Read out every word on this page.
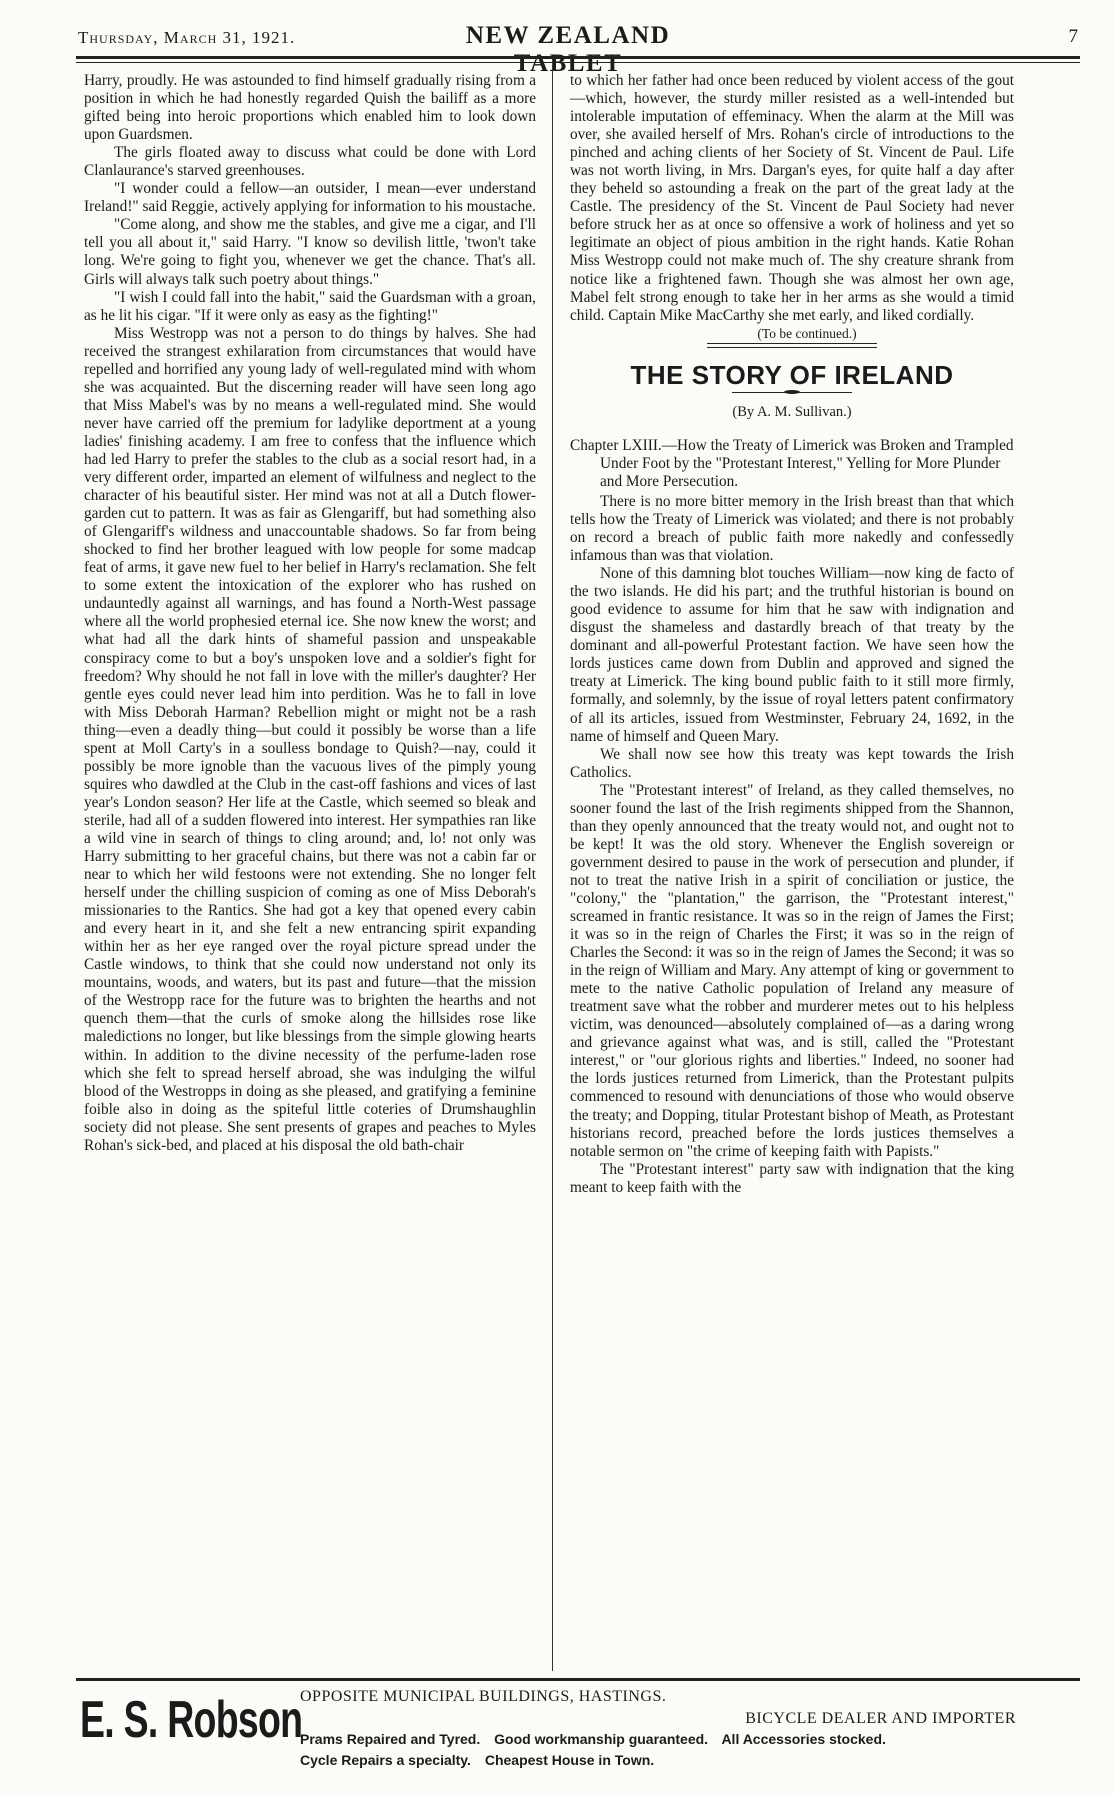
Thursday, March 31, 1921.	NEW ZEALAND TABLET
7

Harry, proudly. He was astounded to find himself gradually rising from a position in which he had honestly regarded Quish the bailiff as a more gifted being into heroic proportions which enabled him to look down upon Guardsmen.

The girls floated away to discuss what could be done with Lord Clanlaurance's starved greenhouses.

"I wonder could a fellow—an outsider, I mean—ever understand Ireland!" said Reggie, actively applying for information to his moustache.

"Come along, and show me the stables, and give me a cigar, and I'll tell you all about it," said Harry. "I know so devilish little, 'twon't take long. We're going to fight you, whenever we get the chance. That's all. Girls will always talk such poetry about things."

"I wish I could fall into the habit," said the Guardsman with a groan, as he lit his cigar. "If it were only as easy as the fighting!"

Miss Westropp was not a person to do things by halves. She had received the strangest exhilaration from circumstances that would have repelled and horrified any young lady of well-regulated mind with whom she was acquainted. But the discerning reader will have seen long ago that Miss Mabel's was by no means a well-regulated mind. She would never have carried off the premium for ladylike deportment at a young ladies' finishing academy. I am free to confess that the influence which had led Harry to prefer the stables to the club as a social resort had, in a very different order, imparted an element of wilfulness and neglect to the character of his beautiful sister. Her mind was not at all a Dutch flower-garden cut to pattern. It was as fair as Glengariff, but had something also of Glengariff's wildness and unaccountable shadows. So far from being shocked to find her brother leagued with low people for some madcap feat of arms, it gave new fuel to her belief in Harry's reclamation. She felt to some extent the intoxication of the explorer who has rushed on undauntedly against all warnings, and has found a North-West passage where all the world prophesied eternal ice. She now knew the worst; and what had all the dark hints of shameful passion and unspeakable conspiracy come to but a boy's unspoken love and a soldier's fight for freedom? Why should he not fall in love with the miller's daughter? Her gentle eyes could never lead him into perdition. Was he to fall in love with Miss Deborah Harman? Rebellion might or might not be a rash thing—even a deadly thing—but could it possibly be worse than a life spent at Moll Carty's in a soulless bondage to Quish?—nay, could it possibly be more ignoble than the vacuous lives of the pimply young squires who dawdled at the Club in the cast-off fashions and vices of last year's London season? Her life at the Castle, which seemed so bleak and sterile, had all of a sudden flowered into interest. Her sympathies ran like a wild vine in search of things to cling around; and, lo! not only was Harry submitting to her graceful chains, but there was not a cabin far or near to which her wild festoons were not extending. She no longer felt herself under the chilling suspicion of coming as one of Miss Deborah's missionaries to the Rantics. She had got a key that opened every cabin and every heart in it, and she felt a new entrancing spirit expanding within her as her eye ranged over the royal picture spread under the Castle windows, to think that she could now understand not only its mountains, woods, and waters, but its past and future—that the mission of the Westropp race for the future was to brighten the hearths and not quench them—that the curls of smoke along the hillsides rose like maledictions no longer, but like blessings from the simple glowing hearts within. In addition to the divine necessity of the perfume-laden rose which she felt to spread herself abroad, she was indulging the wilful blood of the Westropps in doing as she pleased, and gratifying a feminine foible also in doing as the spiteful little coteries of Drumshaughlin society did not please. She sent presents of grapes and peaches to Myles Rohan's sick-bed, and placed at his disposal the old bath-chair

to which her father had once been reduced by violent access of the gout—which, however, the sturdy miller resisted as a well-intended but intolerable imputation of effeminacy. When the alarm at the Mill was over, she availed herself of Mrs. Rohan's circle of introductions to the pinched and aching clients of her Society of St. Vincent de Paul. Life was not worth living, in Mrs. Dargan's eyes, for quite half a day after they beheld so astounding a freak on the part of the great lady at the Castle. The presidency of the St. Vincent de Paul Society had never before struck her as at once so offensive a work of holiness and yet so legitimate an object of pious ambition in the right hands. Katie Rohan Miss Westropp could not make much of. The shy creature shrank from notice like a frightened fawn. Though she was almost her own age, Mabel felt strong enough to take her in her arms as she would a timid child. Captain Mike MacCarthy she met early, and liked cordially.

(To be continued.)

THE STORY OF IRELAND
(By A. M. Sullivan.)

Chapter LXIII.—How the Treaty of Limerick was Broken and Trampled Under Foot by the "Protestant Interest," Yelling for More Plunder and More Persecution.

There is no more bitter memory in the Irish breast than that which tells how the Treaty of Limerick was violated; and there is not probably on record a breach of public faith more nakedly and confessedly infamous than was that violation.

None of this damning blot touches William—now king de facto of the two islands. He did his part; and the truthful historian is bound on good evidence to assume for him that he saw with indignation and disgust the shameless and dastardly breach of that treaty by the dominant and all-powerful Protestant faction. We have seen how the lords justices came down from Dublin and approved and signed the treaty at Limerick. The king bound public faith to it still more firmly, formally, and solemnly, by the issue of royal letters patent confirmatory of all its articles, issued from Westminster, February 24, 1692, in the name of himself and Queen Mary.

We shall now see how this treaty was kept towards the Irish Catholics.

The "Protestant interest" of Ireland, as they called themselves, no sooner found the last of the Irish regiments shipped from the Shannon, than they openly announced that the treaty would not, and ought not to be kept! It was the old story. Whenever the English sovereign or government desired to pause in the work of persecution and plunder, if not to treat the native Irish in a spirit of conciliation or justice, the "colony," the "plantation," the garrison, the "Protestant interest," screamed in frantic resistance. It was so in the reign of James the First; it was so in the reign of Charles the First; it was so in the reign of Charles the Second: it was so in the reign of James the Second; it was so in the reign of William and Mary. Any attempt of king or government to mete to the native Catholic population of Ireland any measure of treatment save what the robber and murderer metes out to his helpless victim, was denounced—absolutely complained of—as a daring wrong and grievance against what was, and is still, called the "Protestant interest," or "our glorious rights and liberties." Indeed, no sooner had the lords justices returned from Limerick, than the Protestant pulpits commenced to resound with denunciations of those who would observe the treaty; and Dopping, titular Protestant bishop of Meath, as Protestant historians record, preached before the lords justices themselves a notable sermon on "the crime of keeping faith with Papists."

The "Protestant interest" party saw with indignation that the king meant to keep faith with the

E. S. Robson
OPPOSITE MUNICIPAL BUILDINGS, HASTINGS.
BICYCLE DEALER AND IMPORTER
Prams Repaired and Tyred. Good workmanship guaranteed. All Accessories stocked.
Cycle Repairs a specialty. Cheapest House in Town.
